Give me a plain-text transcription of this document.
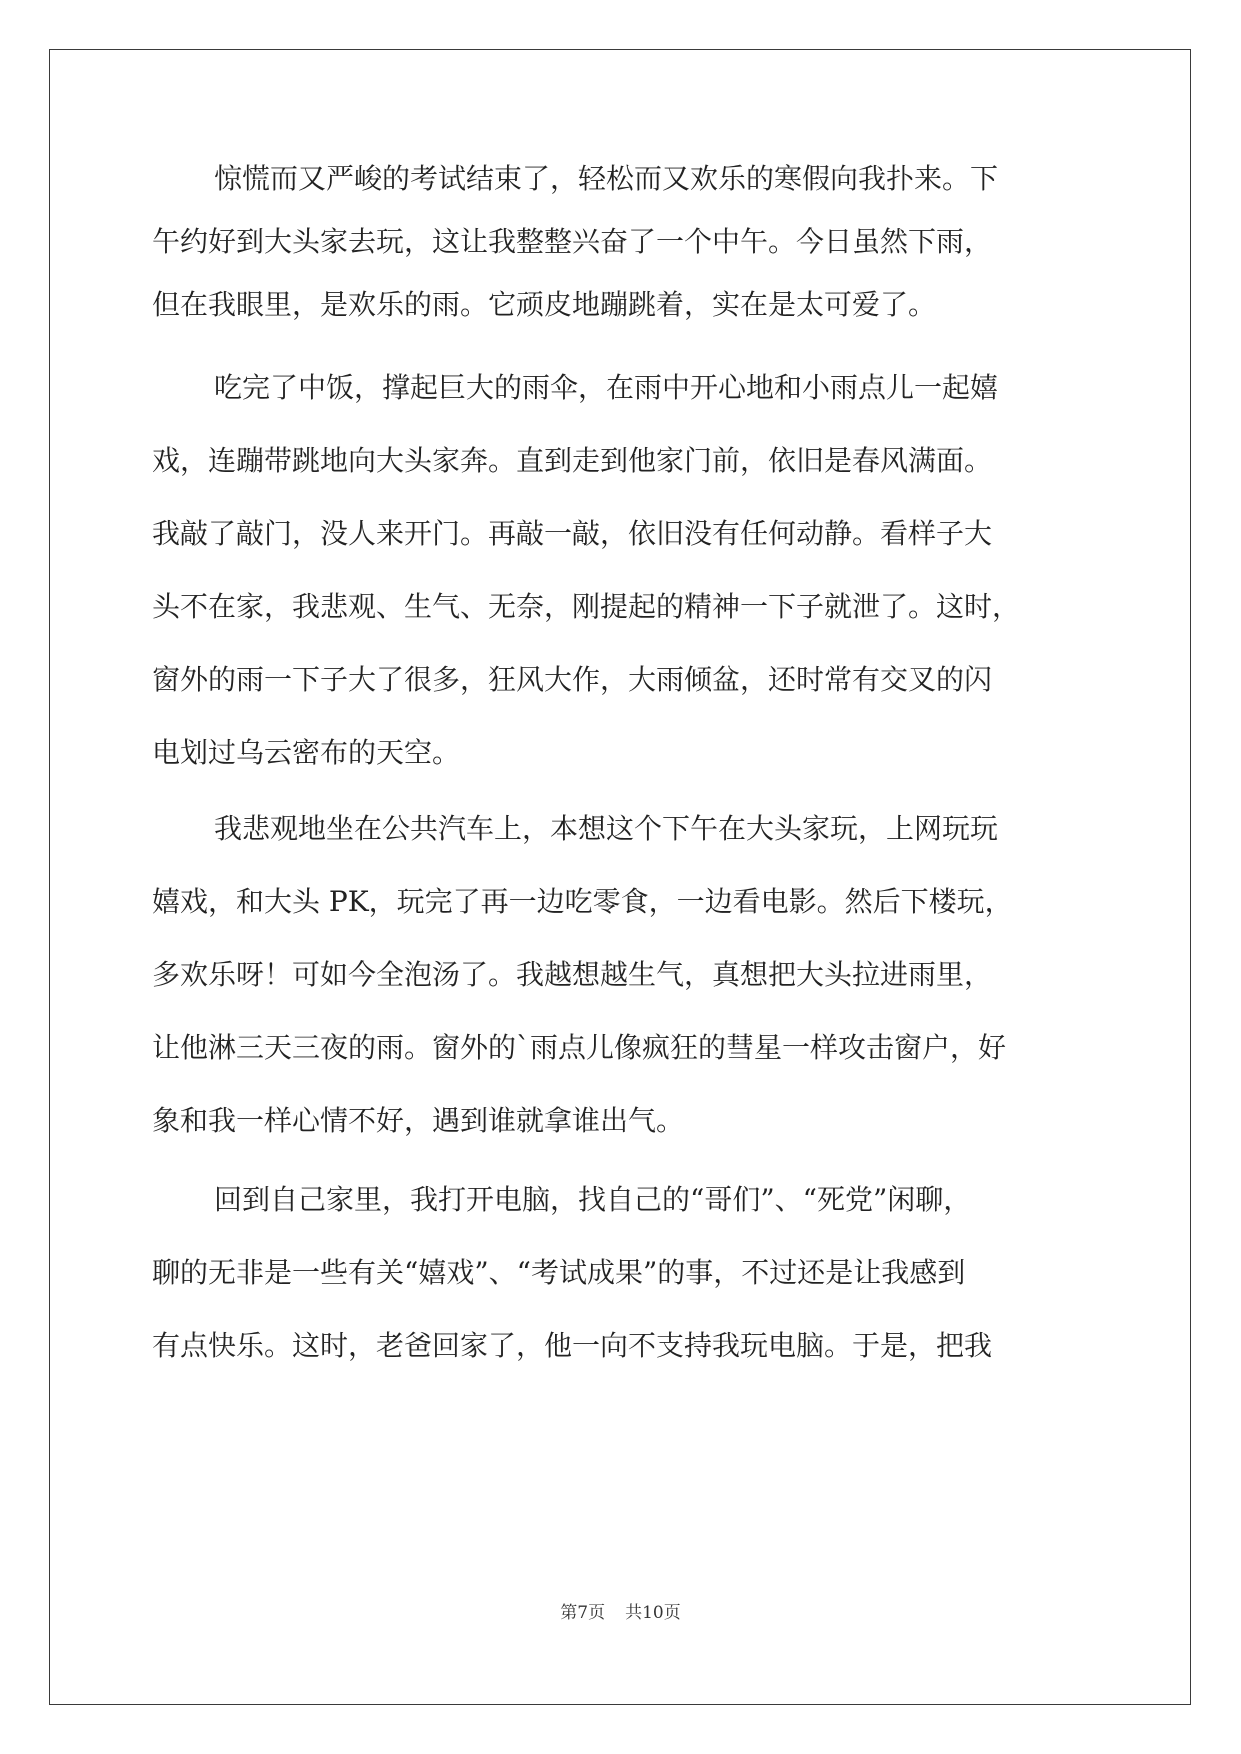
惊慌而又严峻的考试结束了，轻松而又欢乐的寒假向我扑来。下
午约好到大头家去玩，这让我整整兴奋了一个中午。今日虽然下雨，
但在我眼里，是欢乐的雨。它顽皮地蹦跳着，实在是太可爱了。
吃完了中饭，撑起巨大的雨伞，在雨中开心地和小雨点儿一起嬉
戏，连蹦带跳地向大头家奔。直到走到他家门前，依旧是春风满面。
我敲了敲门，没人来开门。再敲一敲，依旧没有任何动静。看样子大
头不在家，我悲观、生气、无奈，刚提起的精神一下子就泄了。这时，
窗外的雨一下子大了很多，狂风大作，大雨倾盆，还时常有交叉的闪
电划过乌云密布的天空。
我悲观地坐在公共汽车上，本想这个下午在大头家玩，上网玩玩
嬉戏，和大头 PK，玩完了再一边吃零食，一边看电影。然后下楼玩，
多欢乐呀！可如今全泡汤了。我越想越生气，真想把大头拉进雨里，
让他淋三天三夜的雨。窗外的`雨点儿像疯狂的彗星一样攻击窗户，好
象和我一样心情不好，遇到谁就拿谁出气。
回到自己家里，我打开电脑，找自己的“哥们”、“死党”闲聊，
聊的无非是一些有关“嬉戏”、“考试成果”的事，不过还是让我感到
有点快乐。这时，老爸回家了，他一向不支持我玩电脑。于是，把我
第7页 共10页
